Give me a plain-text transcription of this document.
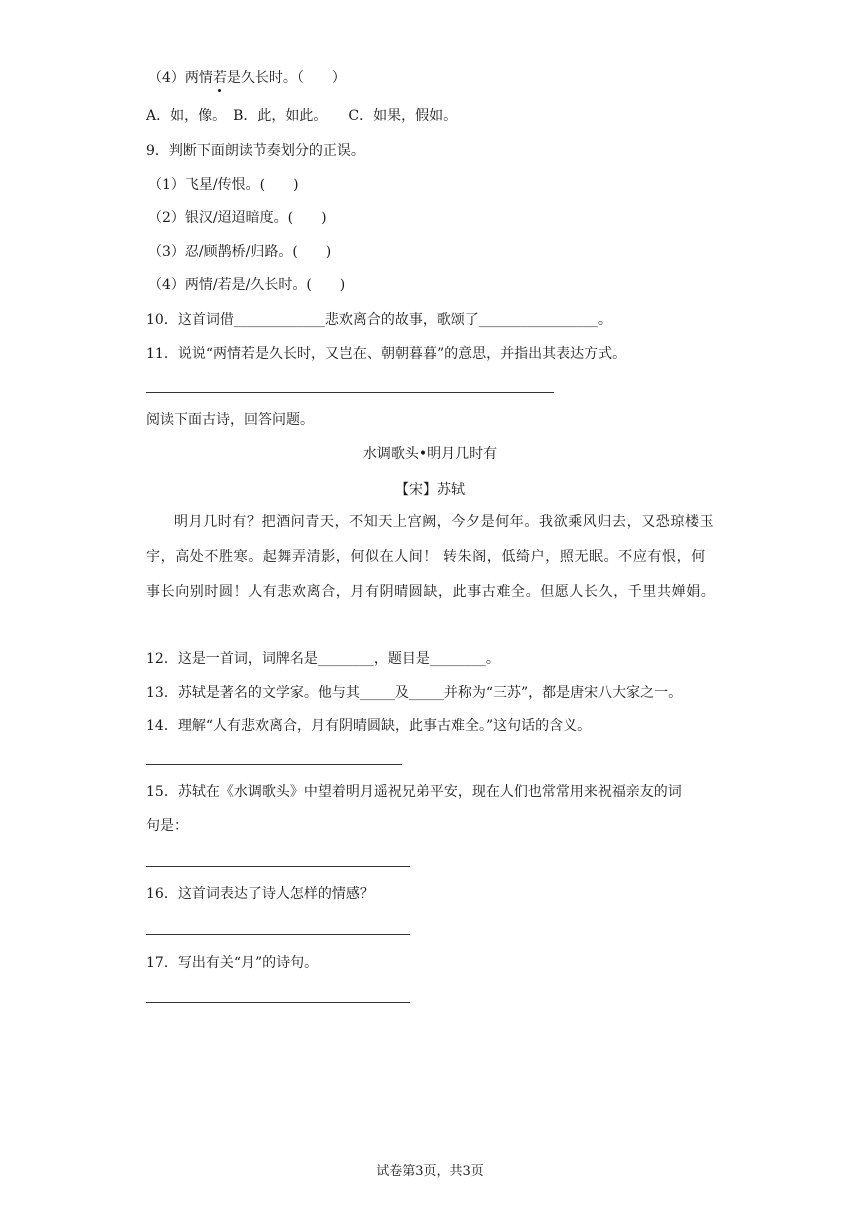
（4）两情若是久长时。（　　）
A．如，像。　B．此，如此。　　C．如果，假如。
9．判断下面朗读节奏划分的正误。
（1）飞星/传恨。(　　)
（2）银汉/迢迢暗度。(　　)
（3）忍/顾鹊桥/归路。(　　)
（4）两情/若是/久长时。(　　)
10．这首词借_____________悲欢离合的故事，歌颂了_________________。
11．说说“两情若是久长时，又岂在、朝朝暮暮”的意思，并指出其表达方式。
阅读下面古诗，回答问题。
水调歌头•明月几时有
【宋】苏轼

明月几时有？把酒问青天，不知天上宫阙，今夕是何年。我欲乘风归去，又恐琼楼玉宇，高处不胜寒。起舞弄清影，何似在人间！ 转朱阁，低绮户，照无眠。不应有恨，何事长向别时圆！人有悲欢离合，月有阴晴圆缺，此事古难全。但愿人长久，千里共婵娟。

12．这是一首词，词牌名是________，题目是________。
13．苏轼是著名的文学家。他与其_____及_____并称为“三苏”，都是唐宋八大家之一。
14．理解“人有悲欢离合，月有阴晴圆缺，此事古难全。”这句话的含义。
15．苏轼在《水调歌头》中望着明月遥祝兄弟平安，现在人们也常常用来祝福亲友的词
句是：
16．这首词表达了诗人怎样的情感？
17．写出有关“月”的诗句。
试卷第3页，共3页
